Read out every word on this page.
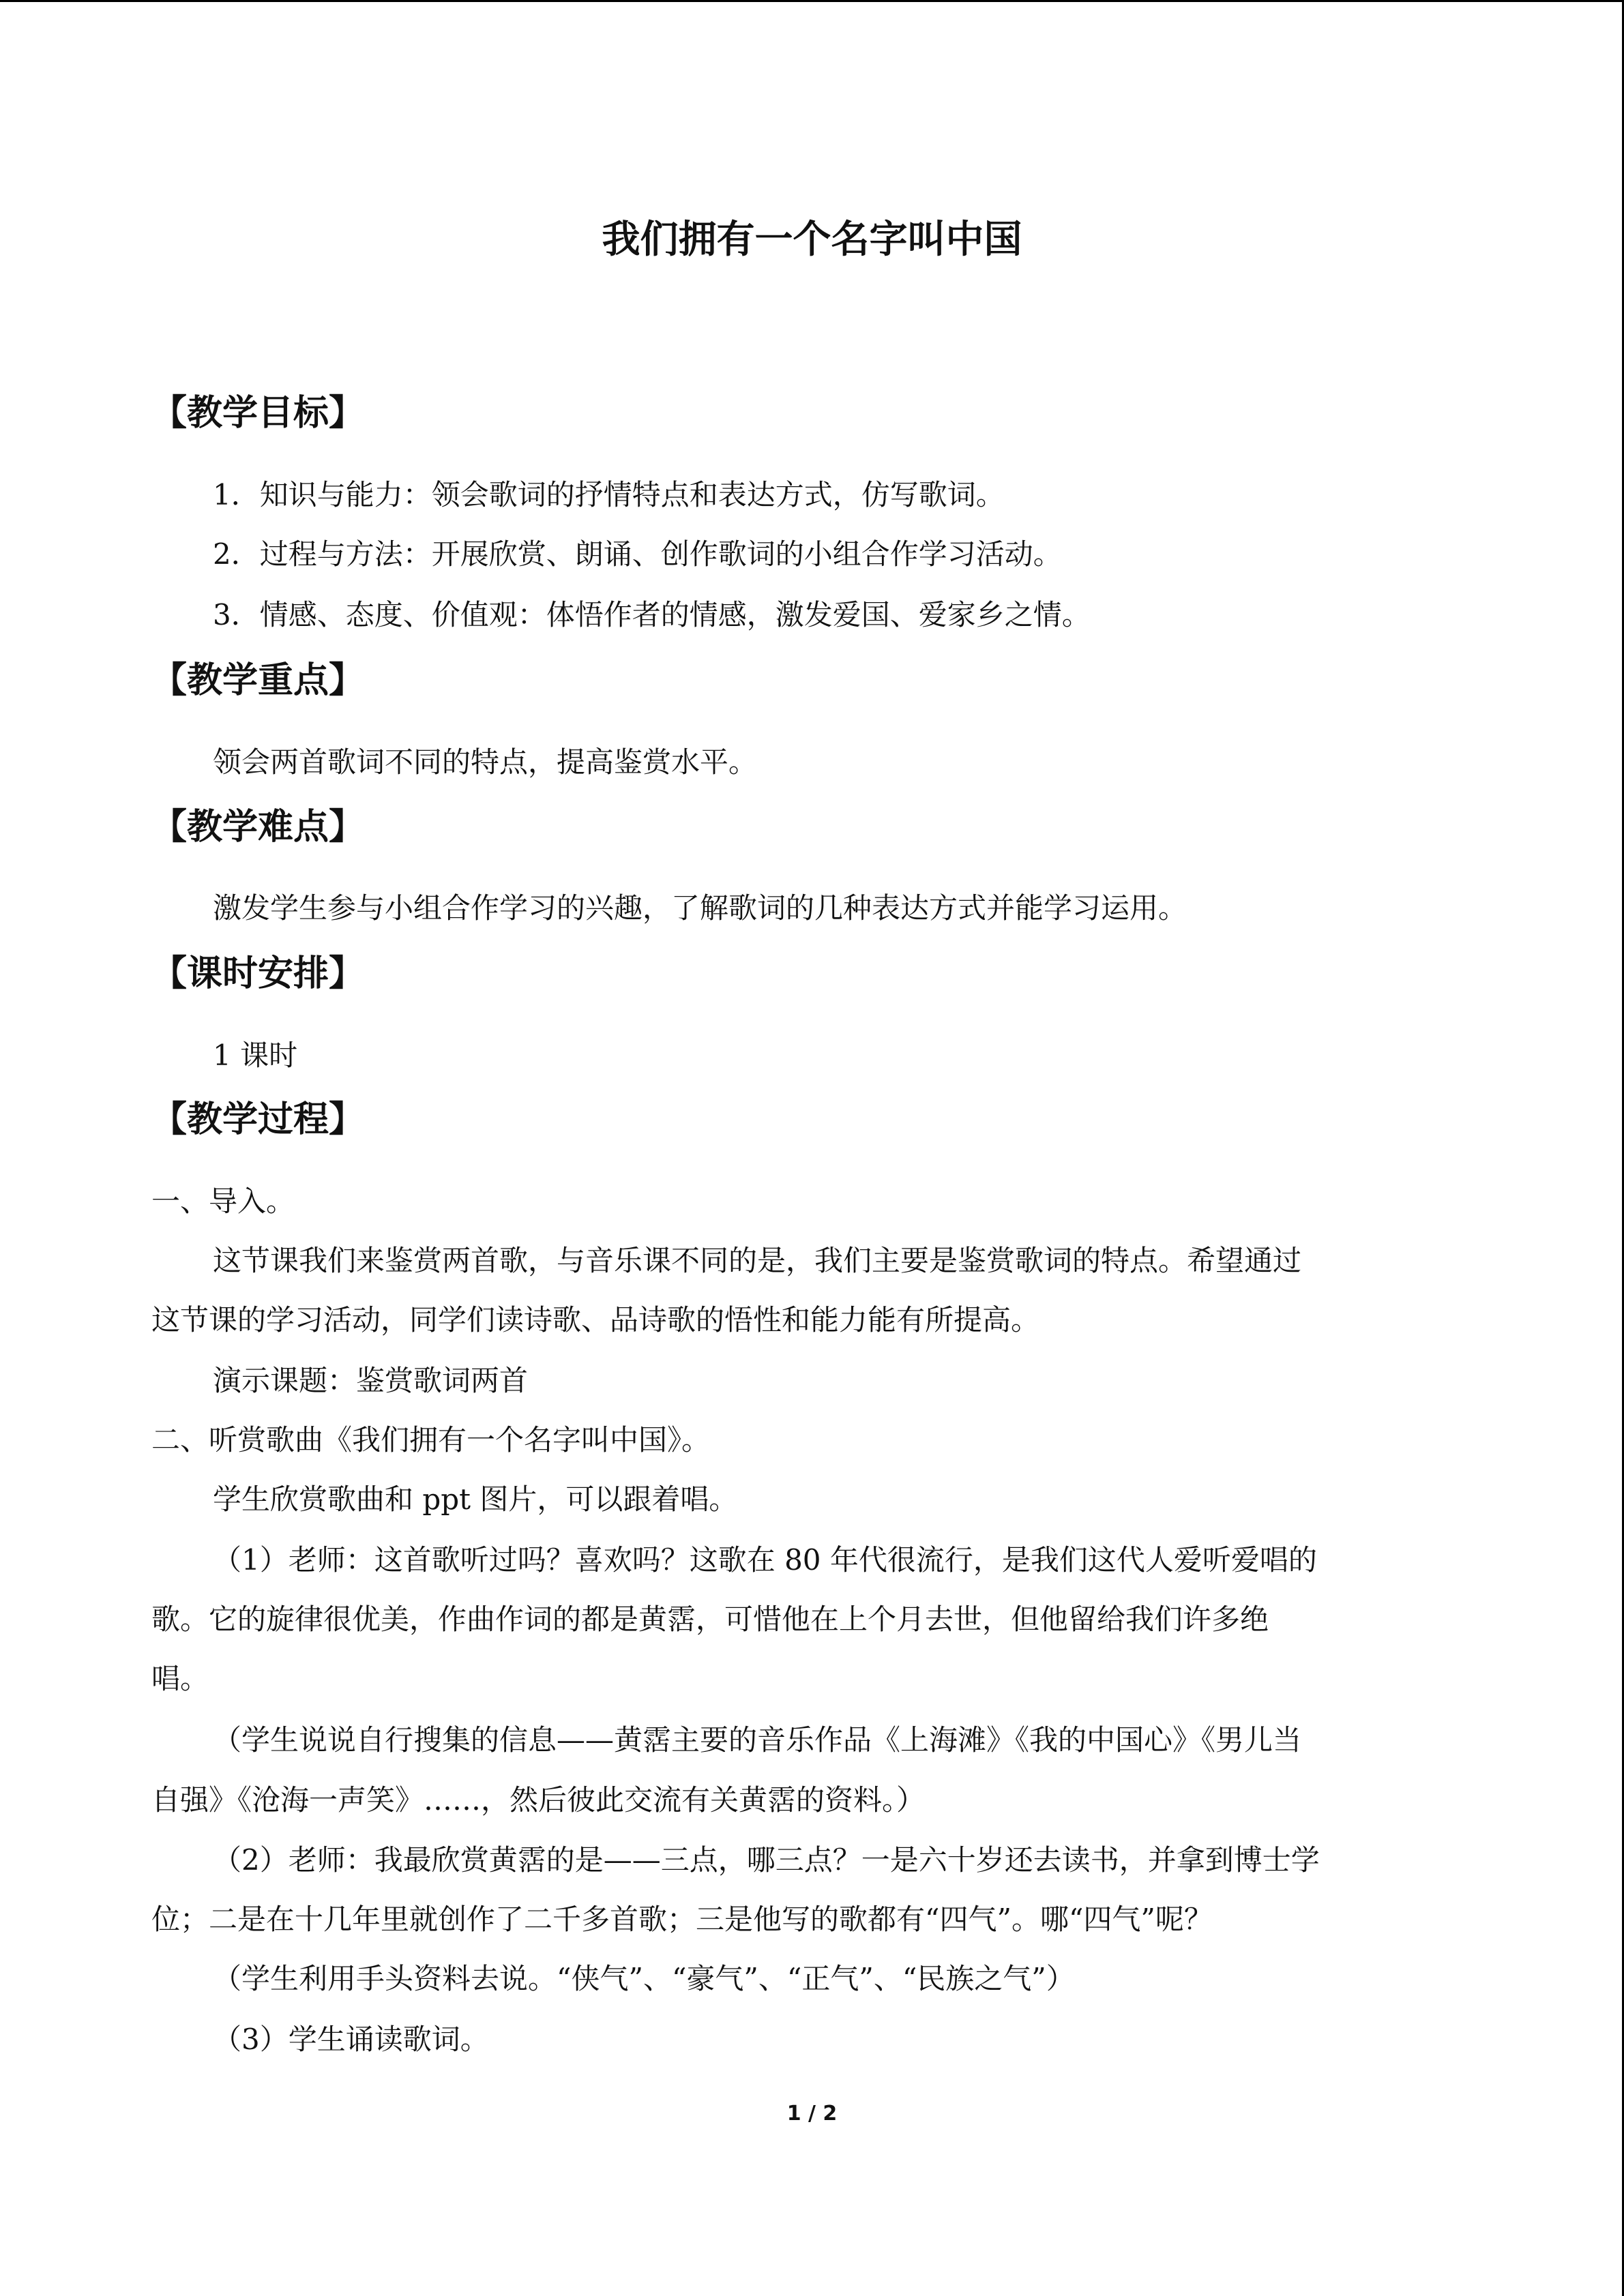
我们拥有一个名字叫中国
【教学目标】

1．知识与能力：领会歌词的抒情特点和表达方式，仿写歌词。

2．过程与方法：开展欣赏、朗诵、创作歌词的小组合作学习活动。

3．情感、态度、价值观：体悟作者的情感，激发爱国、爱家乡之情。

【教学重点】

领会两首歌词不同的特点，提高鉴赏水平。

【教学难点】

激发学生参与小组合作学习的兴趣，了解歌词的几种表达方式并能学习运用。

【课时安排】

1 课时

【教学过程】

一、导入。

这节课我们来鉴赏两首歌，与音乐课不同的是，我们主要是鉴赏歌词的特点。希望通过

这节课的学习活动，同学们读诗歌、品诗歌的悟性和能力能有所提高。

演示课题：鉴赏歌词两首

二、听赏歌曲《我们拥有一个名字叫中国》。

学生欣赏歌曲和 ppt 图片，可以跟着唱。

（1）老师：这首歌听过吗？喜欢吗？这歌在 80 年代很流行，是我们这代人爱听爱唱的

歌。它的旋律很优美，作曲作词的都是黄霑，可惜他在上个月去世，但他留给我们许多绝

唱。

（学生说说自行搜集的信息——黄霑主要的音乐作品《上海滩》《我的中国心》《男儿当

自强》《沧海一声笑》……，然后彼此交流有关黄霑的资料。）

（2）老师：我最欣赏黄霑的是——三点，哪三点？一是六十岁还去读书，并拿到博士学

位；二是在十几年里就创作了二千多首歌；三是他写的歌都有“四气”。哪“四气”呢？

（学生利用手头资料去说。“侠气”、“豪气”、“正气”、“民族之气”）

（3）学生诵读歌词。

1 / 2
